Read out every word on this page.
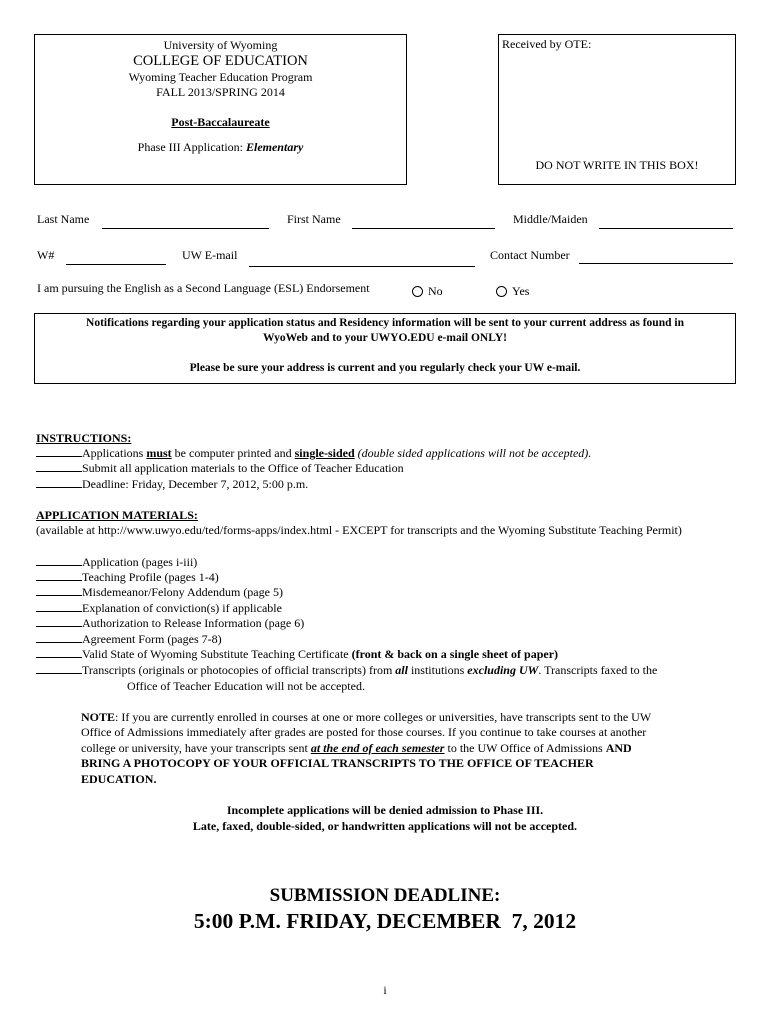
University of Wyoming
COLLEGE OF EDUCATION
Wyoming Teacher Education Program
FALL 2013/SPRING 2014
Post-Baccalaureate
Phase III Application: Elementary
Received by OTE:
DO NOT WRITE IN THIS BOX!
Last Name	First Name	Middle/Maiden
W#	UW E-mail	Contact Number
I am pursuing the English as a Second Language (ESL) Endorsement	No	Yes
Notifications regarding your application status and Residency information will be sent to your current address as found in
WyoWeb and to your UWYO.EDU e-mail ONLY!
Please be sure your address is current and you regularly check your UW e-mail.
INSTRUCTIONS:
Applications must be computer printed and single-sided (double sided applications will not be accepted).
Submit all application materials to the Office of Teacher Education
Deadline: Friday, December 7, 2012, 5:00 p.m.
APPLICATION MATERIALS:
(available at http://www.uwyo.edu/ted/forms-apps/index.html - EXCEPT for transcripts and the Wyoming Substitute Teaching Permit)
Application (pages i-iii)
Teaching Profile (pages 1-4)
Misdemeanor/Felony Addendum (page 5)
Explanation of conviction(s) if applicable
Authorization to Release Information (page 6)
Agreement Form (pages 7-8)
Valid State of Wyoming Substitute Teaching Certificate (front & back on a single sheet of paper)
Transcripts (originals or photocopies of official transcripts) from all institutions excluding UW. Transcripts faxed to the
Office of Teacher Education will not be accepted.
NOTE: If you are currently enrolled in courses at one or more colleges or universities, have transcripts sent to the UW
Office of Admissions immediately after grades are posted for those courses. If you continue to take courses at another
college or university, have your transcripts sent at the end of each semester to the UW Office of Admissions AND
BRING A PHOTOCOPY OF YOUR OFFICIAL TRANSCRIPTS TO THE OFFICE OF TEACHER
EDUCATION.
Incomplete applications will be denied admission to Phase III.
Late, faxed, double-sided, or handwritten applications will not be accepted.
SUBMISSION DEADLINE:
5:00 P.M. FRIDAY, DECEMBER  7, 2012
i
